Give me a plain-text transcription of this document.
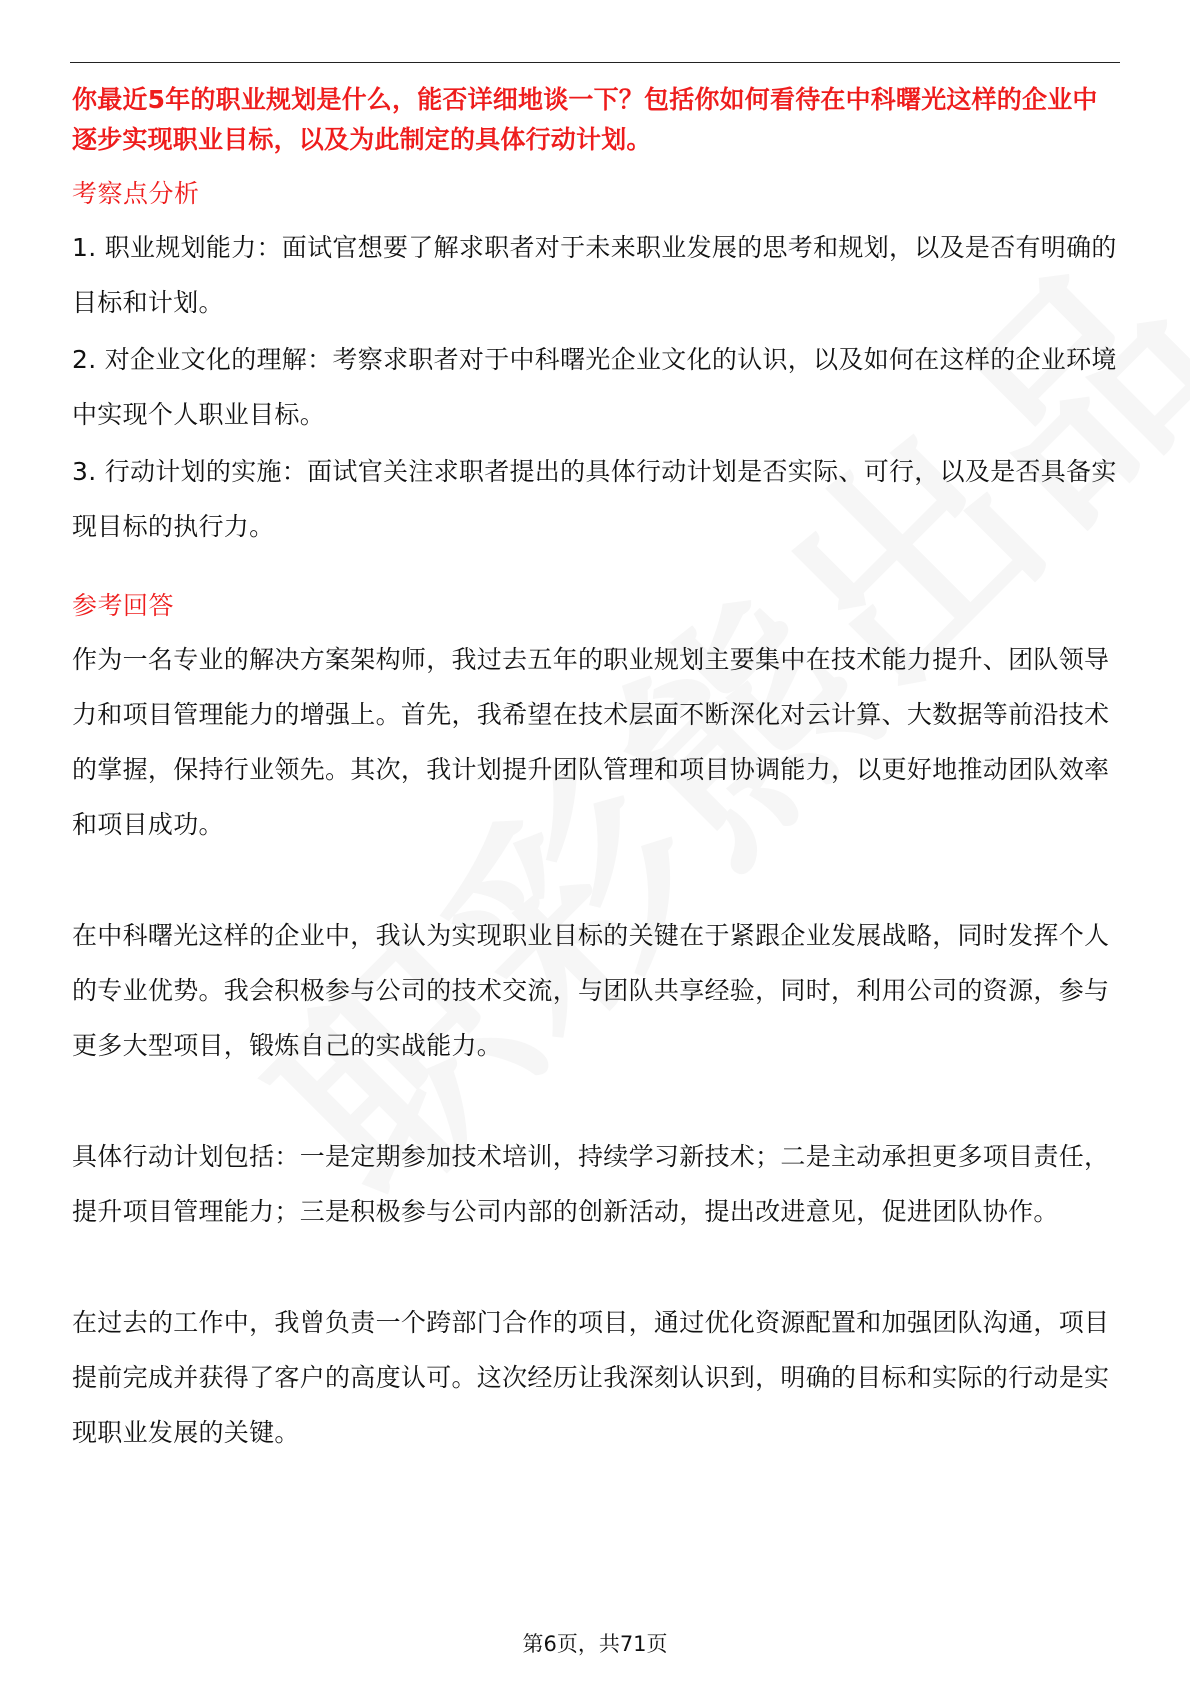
你最近5年的职业规划是什么，能否详细地谈一下？包括你如何看待在中科曙光这样的企业中逐步实现职业目标，以及为此制定的具体行动计划。

考察点分析

1. 职业规划能力：面试官想要了解求职者对于未来职业发展的思考和规划，以及是否有明确的目标和计划。

2. 对企业文化的理解：考察求职者对于中科曙光企业文化的认识，以及如何在这样的企业环境中实现个人职业目标。

3. 行动计划的实施：面试官关注求职者提出的具体行动计划是否实际、可行，以及是否具备实现目标的执行力。

参考回答

作为一名专业的解决方案架构师，我过去五年的职业规划主要集中在技术能力提升、团队领导力和项目管理能力的增强上。首先，我希望在技术层面不断深化对云计算、大数据等前沿技术的掌握，保持行业领先。其次，我计划提升团队管理和项目协调能力，以更好地推动团队效率和项目成功。

在中科曙光这样的企业中，我认为实现职业目标的关键在于紧跟企业发展战略，同时发挥个人的专业优势。我会积极参与公司的技术交流，与团队共享经验，同时，利用公司的资源，参与更多大型项目，锻炼自己的实战能力。

具体行动计划包括：一是定期参加技术培训，持续学习新技术；二是主动承担更多项目责任，提升项目管理能力；三是积极参与公司内部的创新活动，提出改进意见，促进团队协作。

在过去的工作中，我曾负责一个跨部门合作的项目，通过优化资源配置和加强团队沟通，项目提前完成并获得了客户的高度认可。这次经历让我深刻认识到，明确的目标和实际的行动是实现职业发展的关键。

第6页，共71页
